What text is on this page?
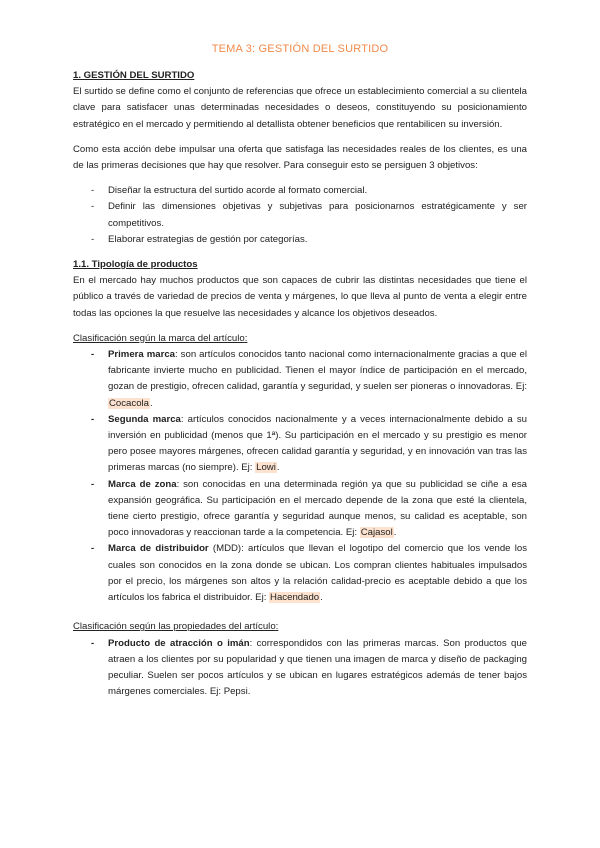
TEMA 3: GESTIÓN DEL SURTIDO

1. GESTIÓN DEL SURTIDO

El surtido se define como el conjunto de referencias que ofrece un establecimiento comercial a su clientela clave para satisfacer unas determinadas necesidades o deseos, constituyendo su posicionamiento estratégico en el mercado y permitiendo al detallista obtener beneficios que rentabilicen su inversión.

Como esta acción debe impulsar una oferta que satisfaga las necesidades reales de los clientes, es una de las primeras decisiones que hay que resolver. Para conseguir esto se persiguen 3 objetivos:

- Diseñar la estructura del surtido acorde al formato comercial.
- Definir las dimensiones objetivas y subjetivas para posicionarnos estratégicamente y ser competitivos.
- Elaborar estrategias de gestión por categorías.

1.1. Tipología de productos

En el mercado hay muchos productos que son capaces de cubrir las distintas necesidades que tiene el público a través de variedad de precios de venta y márgenes, lo que lleva al punto de venta a elegir entre todas las opciones la que resuelve las necesidades y alcance los objetivos deseados.

Clasificación según la marca del artículo:

- Primera marca: son artículos conocidos tanto nacional como internacionalmente gracias a que el fabricante invierte mucho en publicidad. Tienen el mayor índice de participación en el mercado, gozan de prestigio, ofrecen calidad, garantía y seguridad, y suelen ser pioneras o innovadoras. Ej: Cocacola.
- Segunda marca: artículos conocidos nacionalmente y a veces internacionalmente debido a su inversión en publicidad (menos que 1ª). Su participación en el mercado y su prestigio es menor pero posee mayores márgenes, ofrecen calidad garantía y seguridad, y en innovación van tras las primeras marcas (no siempre). Ej: Lowi.
- Marca de zona: son conocidas en una determinada región ya que su publicidad se ciñe a esa expansión geográfica. Su participación en el mercado depende de la zona que esté la clientela, tiene cierto prestigio, ofrece garantía y seguridad aunque menos, su calidad es aceptable, son poco innovadoras y reaccionan tarde a la competencia. Ej: Cajasol.
- Marca de distribuidor (MDD): artículos que llevan el logotipo del comercio que los vende los cuales son conocidos en la zona donde se ubican. Los compran clientes habituales impulsados por el precio, los márgenes son altos y la relación calidad-precio es aceptable debido a que los artículos los fabrica el distribuidor. Ej: Hacendado.

Clasificación según las propiedades del artículo:

- Producto de atracción o imán: correspondidos con las primeras marcas. Son productos que atraen a los clientes por su popularidad y que tienen una imagen de marca y diseño de packaging peculiar. Suelen ser pocos artículos y se ubican en lugares estratégicos además de tener bajos márgenes comerciales. Ej: Pepsi.
